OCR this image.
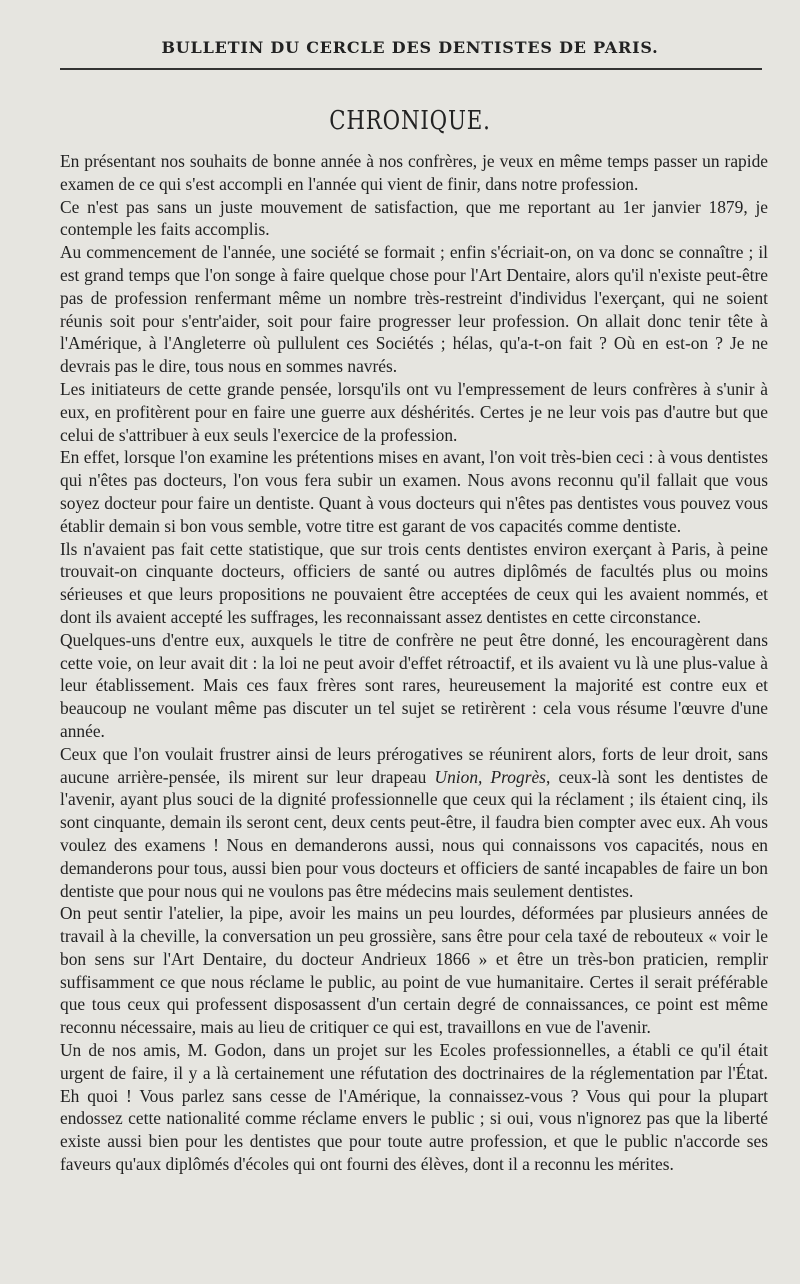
BULLETIN DU CERCLE DES DENTISTES DE PARIS.
CHRONIQUE.

En présentant nos souhaits de bonne année à nos confrères, je veux en même temps passer un rapide examen de ce qui s'est accompli en l'année qui vient de finir, dans notre profession.

Ce n'est pas sans un juste mouvement de satisfaction, que me reportant au 1er janvier 1879, je contemple les faits accomplis.

Au commencement de l'année, une société se formait ; enfin s'écriait-on, on va donc se connaître ; il est grand temps que l'on songe à faire quelque chose pour l'Art Dentaire, alors qu'il n'existe peut-être pas de profession renfermant même un nombre très-restreint d'individus l'exerçant, qui ne soient réunis soit pour s'entr'aider, soit pour faire progresser leur profession. On allait donc tenir tête à l'Amérique, à l'Angleterre où pullulent ces Sociétés ; hélas, qu'a-t-on fait ? Où en est-on ? Je ne devrais pas le dire, tous nous en sommes navrés.

Les initiateurs de cette grande pensée, lorsqu'ils ont vu l'empressement de leurs confrères à s'unir à eux, en profitèrent pour en faire une guerre aux déshérités. Certes je ne leur vois pas d'autre but que celui de s'attribuer à eux seuls l'exercice de la profession.

En effet, lorsque l'on examine les prétentions mises en avant, l'on voit très-bien ceci : à vous dentistes qui n'êtes pas docteurs, l'on vous fera subir un examen. Nous avons reconnu qu'il fallait que vous soyez docteur pour faire un dentiste. Quant à vous docteurs qui n'êtes pas dentistes vous pouvez vous établir demain si bon vous semble, votre titre est garant de vos capacités comme dentiste.

Ils n'avaient pas fait cette statistique, que sur trois cents dentistes environ exerçant à Paris, à peine trouvait-on cinquante docteurs, officiers de santé ou autres diplômés de facultés plus ou moins sérieuses et que leurs propositions ne pouvaient être acceptées de ceux qui les avaient nommés, et dont ils avaient accepté les suffrages, les reconnaissant assez dentistes en cette circonstance.

Quelques-uns d'entre eux, auxquels le titre de confrère ne peut être donné, les encouragèrent dans cette voie, on leur avait dit : la loi ne peut avoir d'effet rétroactif, et ils avaient vu là une plus-value à leur établissement. Mais ces faux frères sont rares, heureusement la majorité est contre eux et beaucoup ne voulant même pas discuter un tel sujet se retirèrent : cela vous résume l'œuvre d'une année.

Ceux que l'on voulait frustrer ainsi de leurs prérogatives se réunirent alors, forts de leur droit, sans aucune arrière-pensée, ils mirent sur leur drapeau Union, Progrès, ceux-là sont les dentistes de l'avenir, ayant plus souci de la dignité professionnelle que ceux qui la réclament ; ils étaient cinq, ils sont cinquante, demain ils seront cent, deux cents peut-être, il faudra bien compter avec eux. Ah vous voulez des examens ! Nous en demanderons aussi, nous qui connaissons vos capacités, nous en demanderons pour tous, aussi bien pour vous docteurs et officiers de santé incapables de faire un bon dentiste que pour nous qui ne voulons pas être médecins mais seulement dentistes.

On peut sentir l'atelier, la pipe, avoir les mains un peu lourdes, déformées par plusieurs années de travail à la cheville, la conversation un peu grossière, sans être pour cela taxé de rebouteux « voir le bon sens sur l'Art Dentaire, du docteur Andrieux 1866 » et être un très-bon praticien, remplir suffisamment ce que nous réclame le public, au point de vue humanitaire. Certes il serait préférable que tous ceux qui professent disposassent d'un certain degré de connaissances, ce point est même reconnu nécessaire, mais au lieu de critiquer ce qui est, travaillons en vue de l'avenir.

Un de nos amis, M. Godon, dans un projet sur les Ecoles professionnelles, a établi ce qu'il était urgent de faire, il y a là certainement une réfutation des doctrinaires de la réglementation par l'État. Eh quoi ! Vous parlez sans cesse de l'Amérique, la connaissez-vous ? Vous qui pour la plupart endossez cette nationalité comme réclame envers le public ; si oui, vous n'ignorez pas que la liberté existe aussi bien pour les dentistes que pour toute autre profession, et que le public n'accorde ses faveurs qu'aux diplômés d'écoles qui ont fourni des élèves, dont il a reconnu les mérites.
